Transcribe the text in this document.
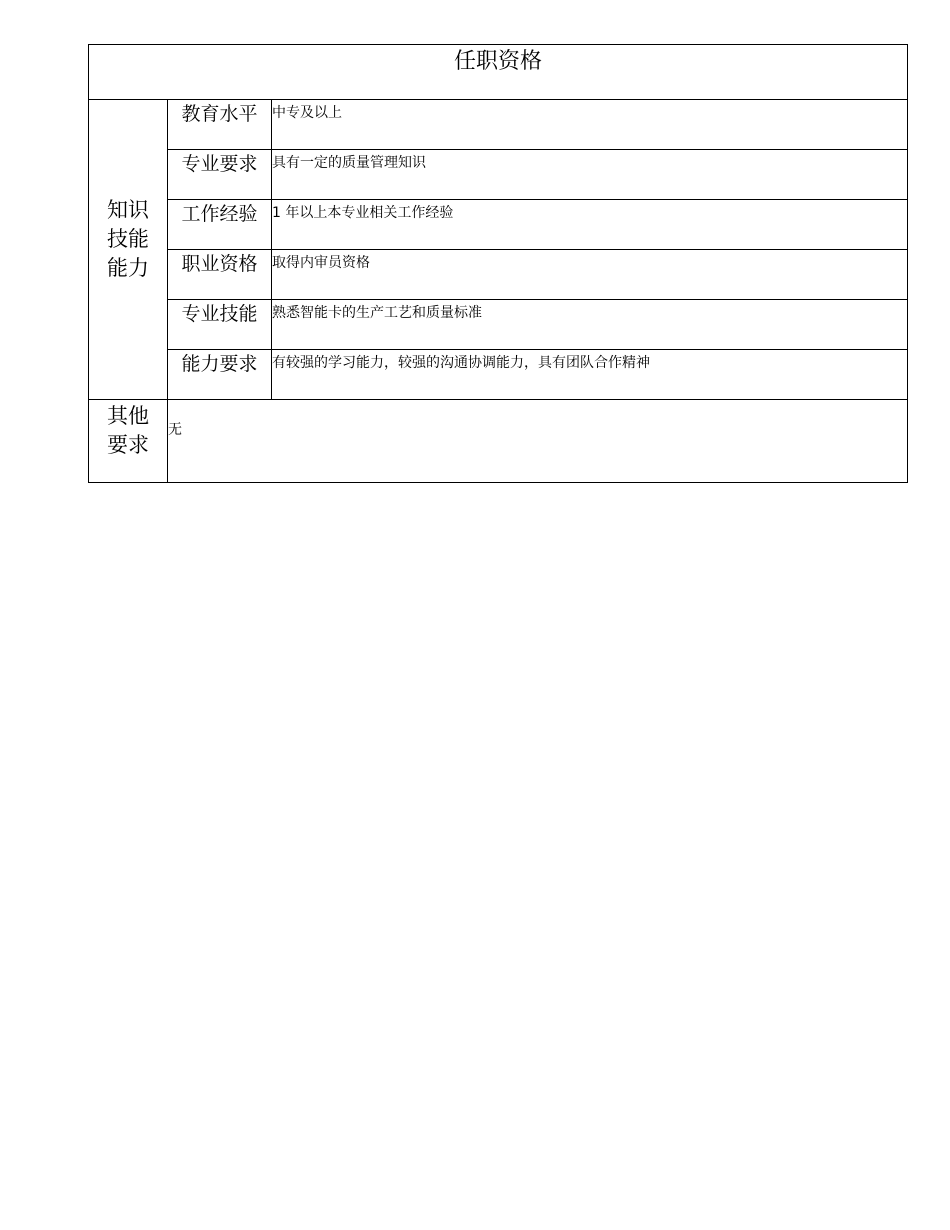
任职资格		

知识
技能
能力	教育水平	中专及以上
	专业要求	具有一定的质量管理知识
	工作经验	1 年以上本专业相关工作经验
	职业资格	取得内审员资格
	专业技能	熟悉智能卡的生产工艺和质量标准
	能力要求	有较强的学习能力，较强的沟通协调能力，具有团队合作精神

其他
要求	无	
